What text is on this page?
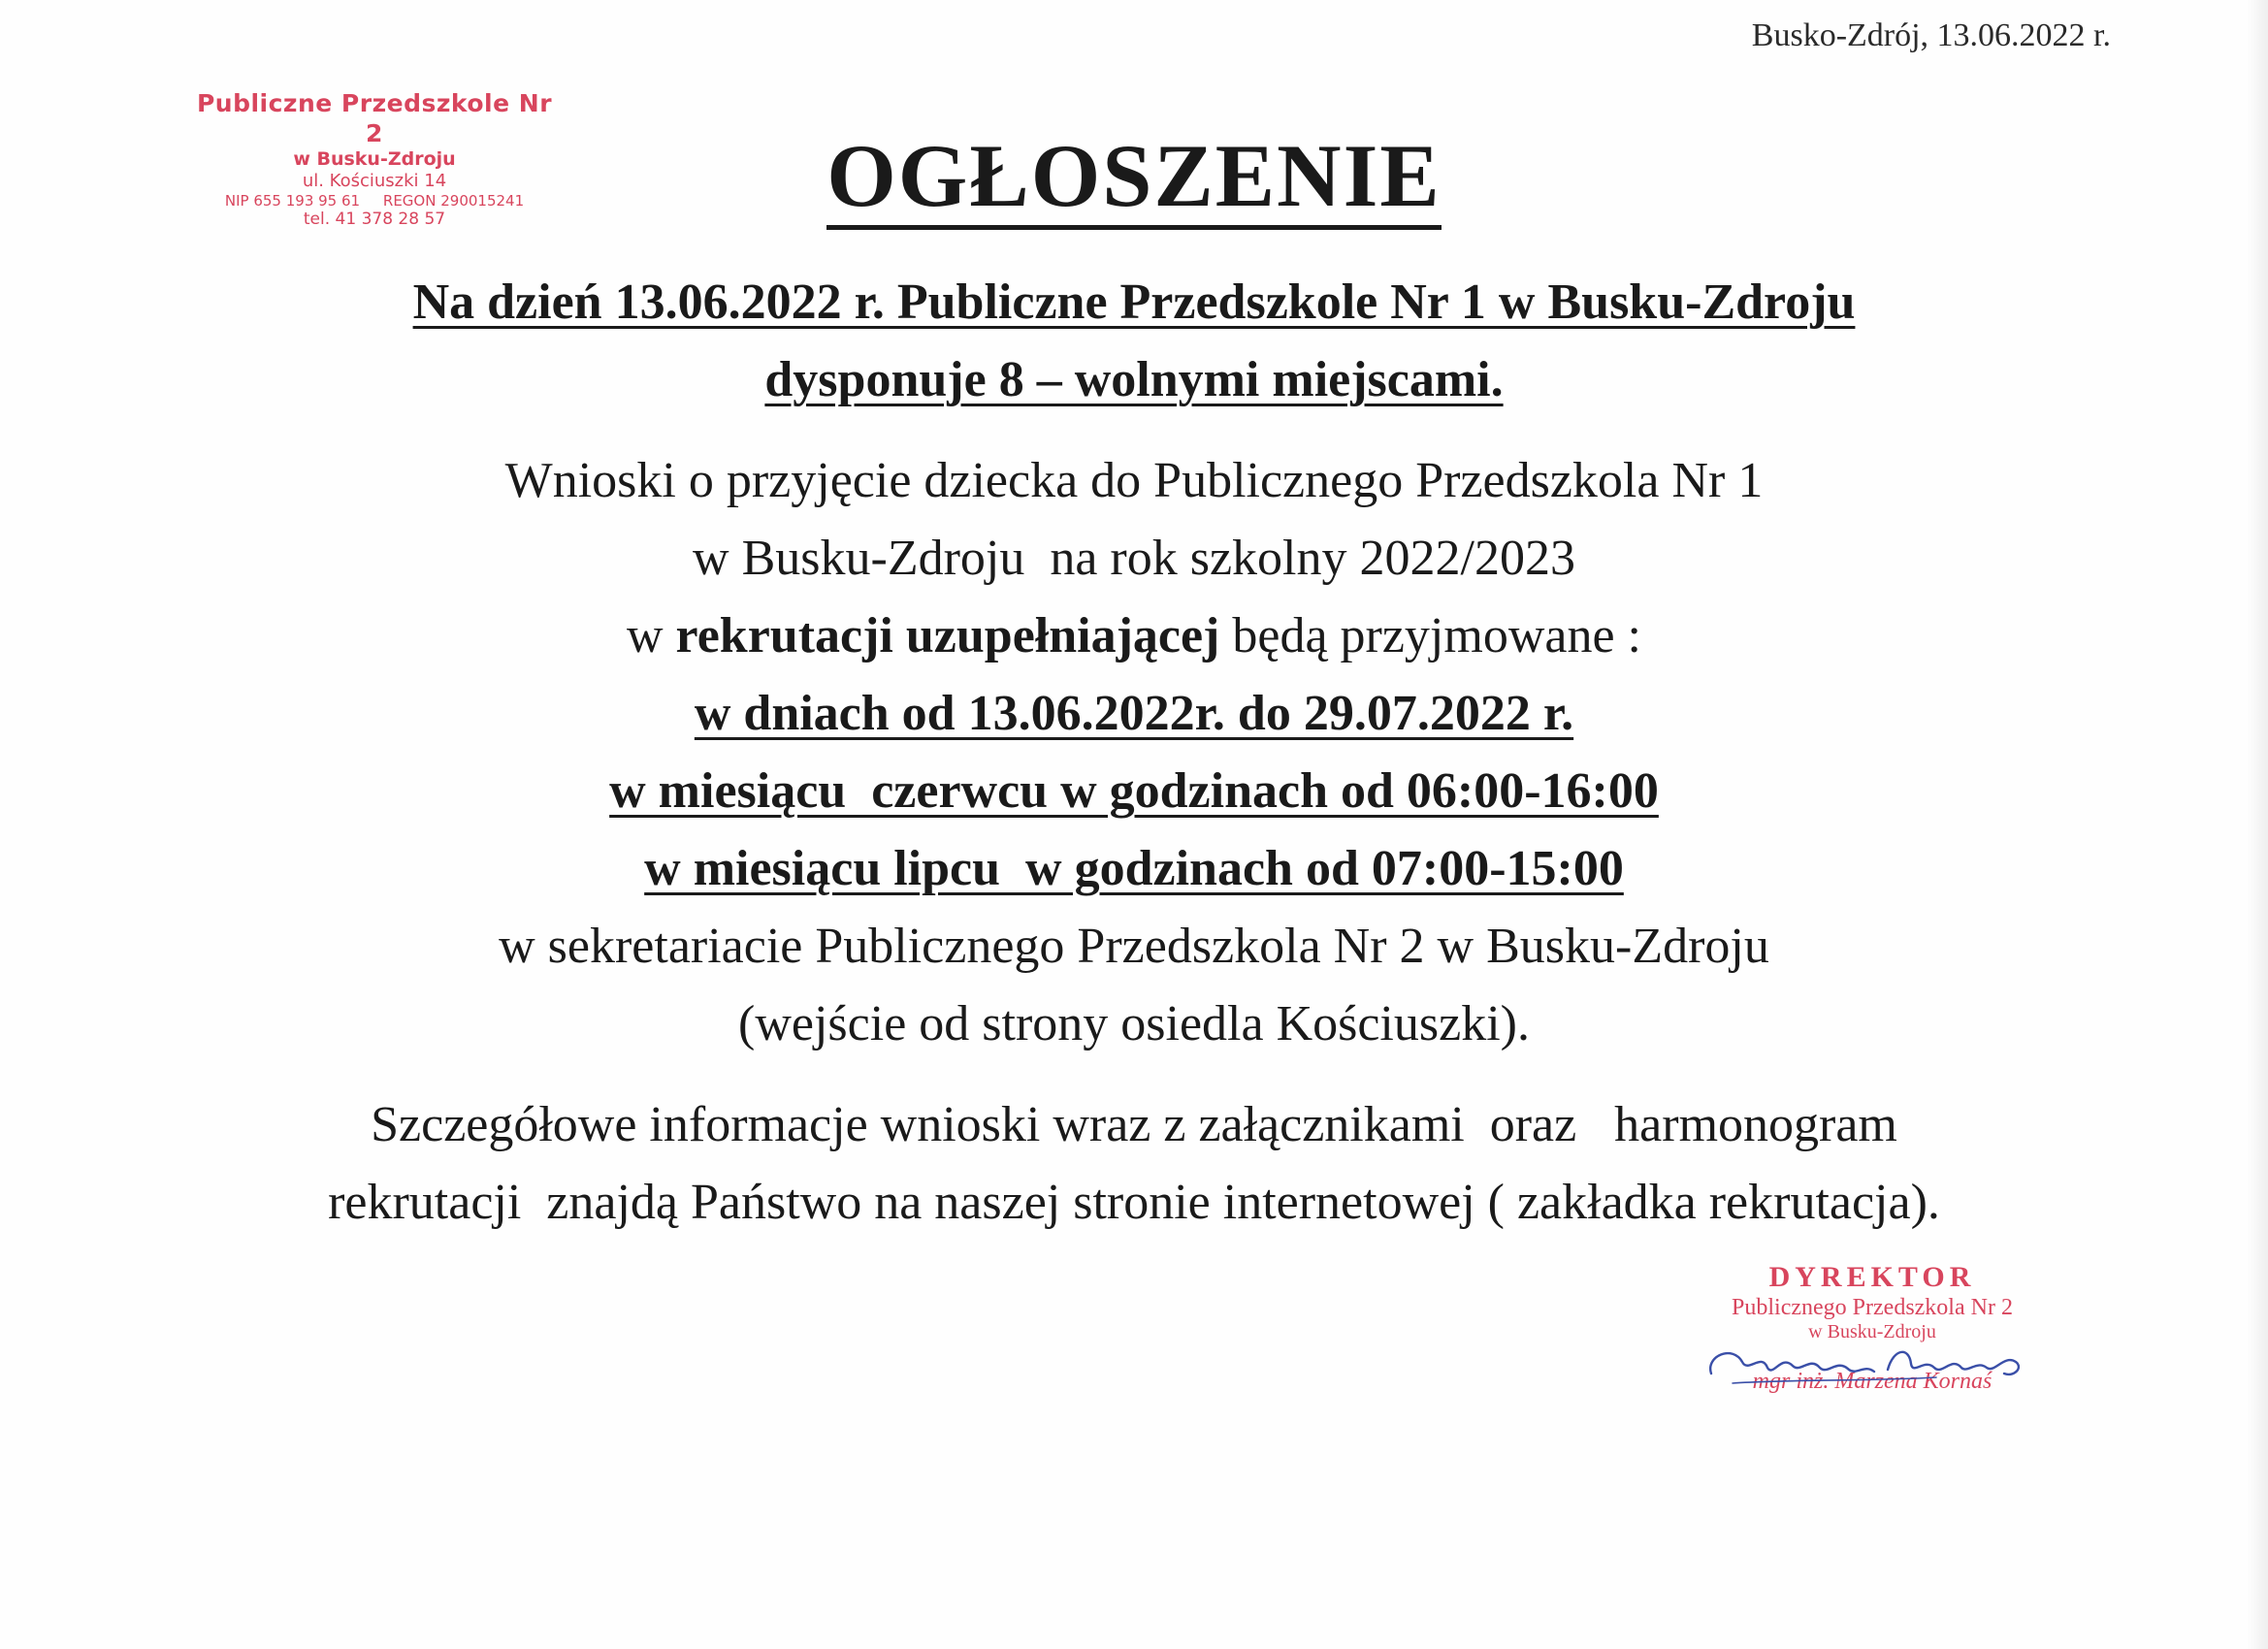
Busko-Zdrój, 13.06.2022 r.
Publiczne Przedszkole Nr 2
w Busku-Zdroju
ul. Kościuszki 14
NIP 655 193 95 61     REGON 290015241
tel. 41 378 28 57	OGŁOSZENIE
Na dzień 13.06.2022 r. Publiczne Przedszkole Nr 1 w Busku-Zdroju
dysponuje 8 – wolnymi miejscami.
Wnioski o przyjęcie dziecka do Publicznego Przedszkola Nr 1
w Busku-Zdroju  na rok szkolny 2022/2023
w rekrutacji uzupełniającej będą przyjmowane :
w dniach od 13.06.2022r. do 29.07.2022 r.
w miesiącu  czerwcu w godzinach od 06:00-16:00
w miesiącu lipcu  w godzinach od 07:00-15:00
w sekretariacie Publicznego Przedszkola Nr 2 w Busku-Zdroju
(wejście od strony osiedla Kościuszki).
Szczegółowe informacje wnioski wraz z załącznikami  oraz   harmonogram
rekrutacji  znajdą Państwo na naszej stronie internetowej ( zakładka rekrutacja).
DYREKTOR
Publicznego Przedszkola Nr 2
w Busku-Zdroju
mgr inż. Marzena Kornaś
